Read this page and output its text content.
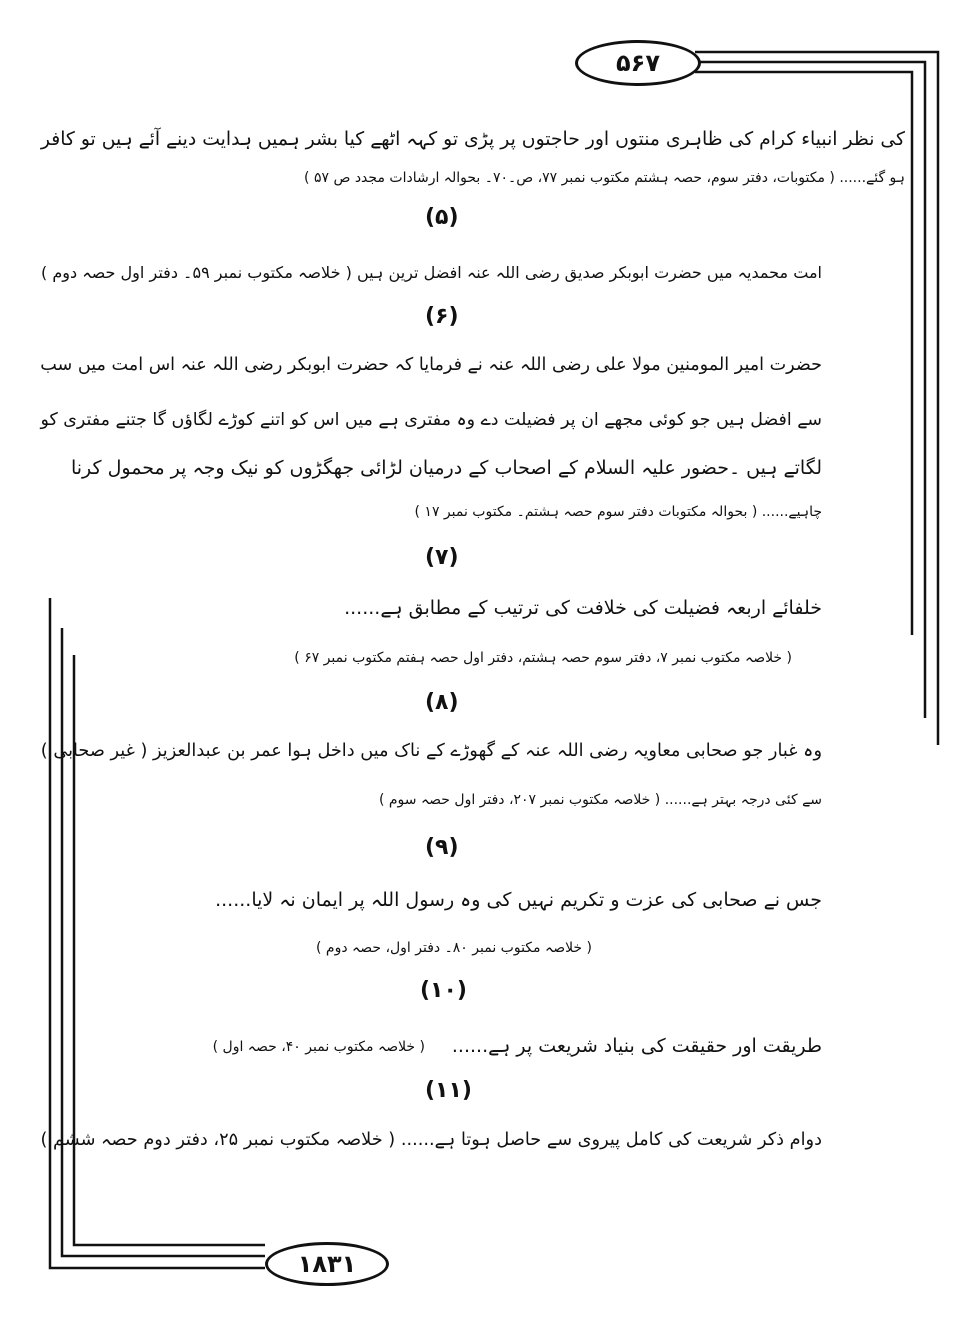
۵۶۷
۱۸۳۱
کی نظر انبیاء کرام کی ظاہری منتوں اور حاجتوں پر پڑی تو کہہ اٹھے کیا بشر ہمیں ہدایت دینے آئے ہیں تو کافر
ہو گئے...... ( مکتوبات، دفتر سوم، حصہ ہشتم مکتوب نمبر ۷۷، ص۔۷۰۔ بحوالہ ارشادات مجدد ص ۵۷ )
(۵)
امت محمدیہ میں حضرت ابوبکر صدیق رضی اللہ عنہ افضل ترین ہیں ( خلاصہ مکتوب نمبر ۵۹۔ دفتر اول حصہ دوم )
(۶)
حضرت امیر المومنین مولا علی رضی اللہ عنہ نے فرمایا کہ حضرت ابوبکر رضی اللہ عنہ اس امت میں سب
سے افضل ہیں جو کوئی مجھے ان پر فضیلت دے وہ مفتری ہے میں اس کو اتنے کوڑے لگاؤں گا جتنے مفتری کو
لگاتے ہیں ۔حضور علیہ السلام کے اصحاب کے درمیان لڑائی جھگڑوں کو نیک وجہ پر محمول کرنا
چاہیے...... ( بحوالہ مکتوبات دفتر سوم حصہ ہشتم۔ مکتوب نمبر ۱۷ )
(۷)
خلفائے اربعہ فضیلت کی خلافت کی ترتیب کے مطابق ہے......
( خلاصہ مکتوب نمبر ۷، دفتر سوم حصہ ہشتم، دفتر اول حصہ ہفتم مکتوب نمبر ۶۷ )
(۸)
وہ غبار جو صحابی معاویہ رضی اللہ عنہ کے گھوڑے کے ناک میں داخل ہوا عمر بن عبدالعزیز ( غیر صحابی )
سے کئی درجہ بہتر ہے...... ( خلاصہ مکتوب نمبر ۲۰۷، دفتر اول حصہ سوم )
(۹)
جس نے صحابی کی عزت و تکریم نہیں کی وہ رسول اللہ پر ایمان نہ لایا......
( خلاصہ مکتوب نمبر ۸۰۔ دفتر اول، حصہ دوم )
(۱۰)
طریقت اور حقیقت کی بنیاد شریعت پر ہے......
( خلاصہ مکتوب نمبر ۴۰، حصہ اول )
(۱۱)
دوام ذکر شریعت کی کامل پیروی سے حاصل ہوتا ہے...... ( خلاصہ مکتوب نمبر ۲۵، دفتر دوم حصہ ششم )
